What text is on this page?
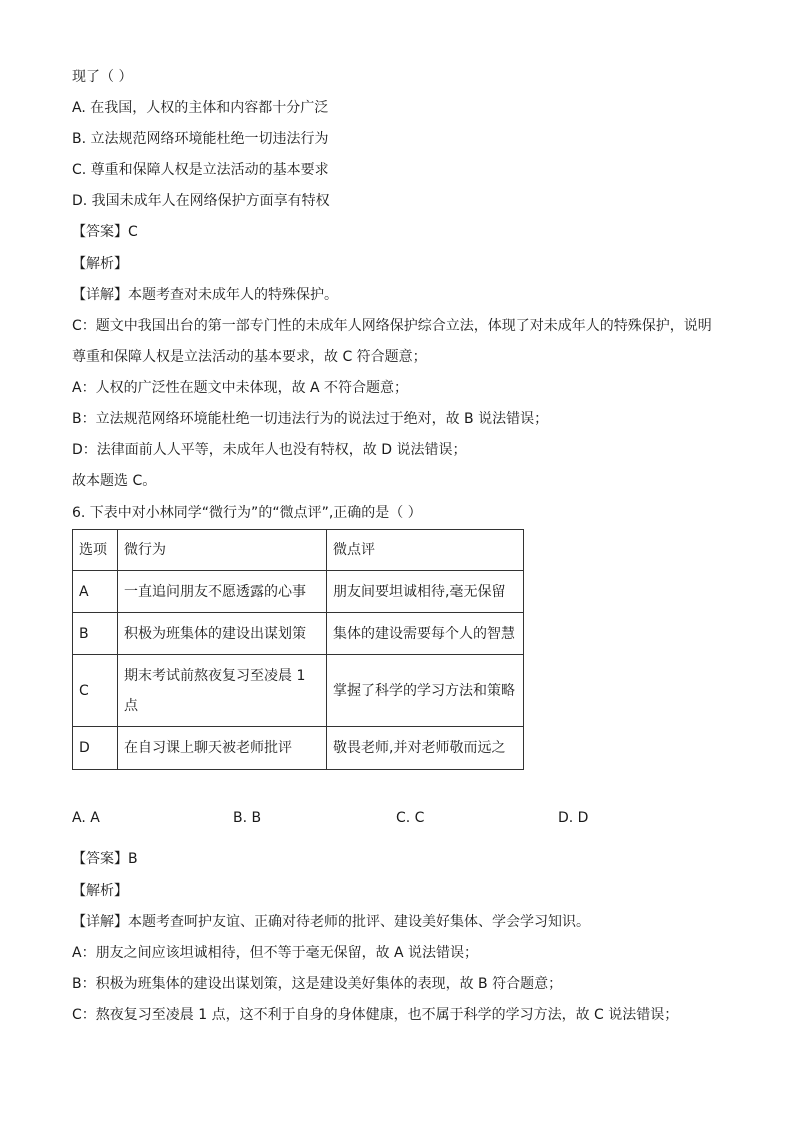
现了（ ）
A. 在我国，人权的主体和内容都十分广泛
B. 立法规范网络环境能杜绝一切违法行为
C. 尊重和保障人权是立法活动的基本要求
D. 我国未成年人在网络保护方面享有特权
【答案】C
【解析】
【详解】本题考查对未成年人的特殊保护。
C：题文中我国出台的第一部专门性的未成年人网络保护综合立法，体现了对未成年人的特殊保护，说明
尊重和保障人权是立法活动的基本要求，故 C 符合题意；
A：人权的广泛性在题文中未体现，故 A 不符合题意；
B：立法规范网络环境能杜绝一切违法行为的说法过于绝对，故 B 说法错误；
D：法律面前人人平等，未成年人也没有特权，故 D 说法错误；
故本题选 C。
6. 下表中对小林同学“微行为”的“微点评”,正确的是（ ）
选项	微行为	微点评
A	一直追问朋友不愿透露的心事	朋友间要坦诚相待,毫无保留
B	积极为班集体的建设出谋划策	集体的建设需要每个人的智慧
C	期末考试前熬夜复习至凌晨 1 点	掌握了科学的学习方法和策略
D	在自习课上聊天被老师批评	敬畏老师,并对老师敬而远之
A. A	B. B	C. C	D. D
【答案】B
【解析】
【详解】本题考查呵护友谊、正确对待老师的批评、建设美好集体、学会学习知识。
A：朋友之间应该坦诚相待，但不等于毫无保留，故 A 说法错误；
B：积极为班集体的建设出谋划策，这是建设美好集体的表现，故 B 符合题意；
C：熬夜复习至凌晨 1 点，这不利于自身的身体健康，也不属于科学的学习方法，故 C 说法错误；
